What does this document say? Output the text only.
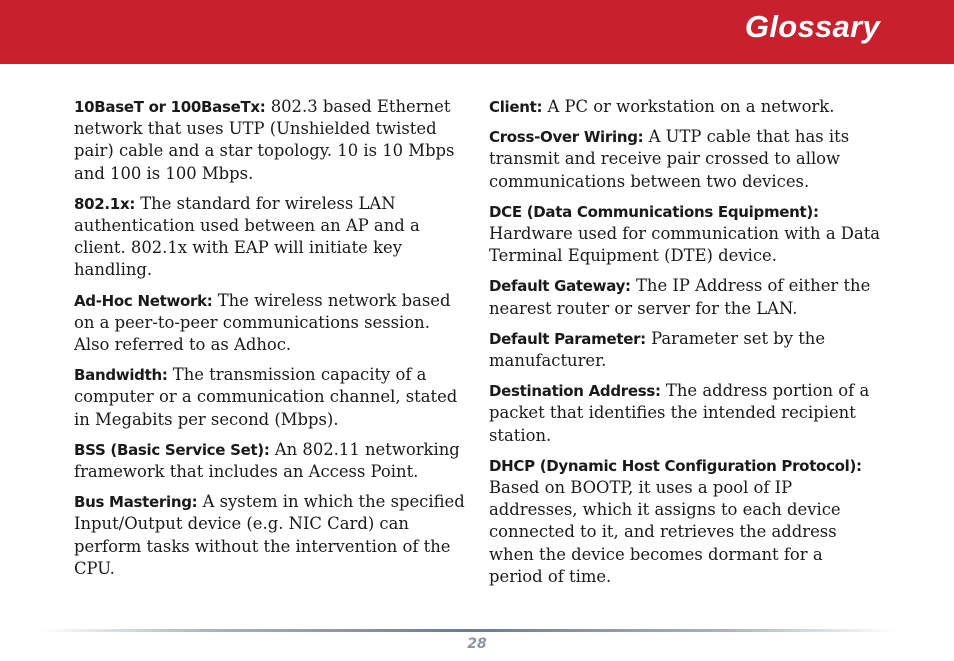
Glossary

10BaseT or 100BaseTx: 802.3 based Ethernet network that uses UTP (Unshielded twisted pair) cable and a star topology. 10 is 10 Mbps and 100 is 100 Mbps.

802.1x: The standard for wireless LAN authentication used between an AP and a client. 802.1x with EAP will initiate key handling.

Ad-Hoc Network: The wireless network based on a peer-to-peer communications session. Also referred to as Adhoc.

Bandwidth: The transmission capacity of a computer or a communication channel, stated in Megabits per second (Mbps).

BSS (Basic Service Set): An 802.11 networking framework that includes an Access Point.

Bus Mastering: A system in which the specified Input/Output device (e.g. NIC Card) can perform tasks without the intervention of the CPU.

Client: A PC or workstation on a network.

Cross-Over Wiring: A UTP cable that has its transmit and receive pair crossed to allow communications between two devices.

DCE (Data Communications Equipment): Hardware used for communication with a Data Terminal Equipment (DTE) device.

Default Gateway: The IP Address of either the nearest router or server for the LAN.

Default Parameter: Parameter set by the manufacturer.

Destination Address: The address portion of a packet that identifies the intended recipient station.

DHCP (Dynamic Host Configuration Protocol): Based on BOOTP, it uses a pool of IP addresses, which it assigns to each device connected to it, and retrieves the address when the device becomes dormant for a period of time.

28
